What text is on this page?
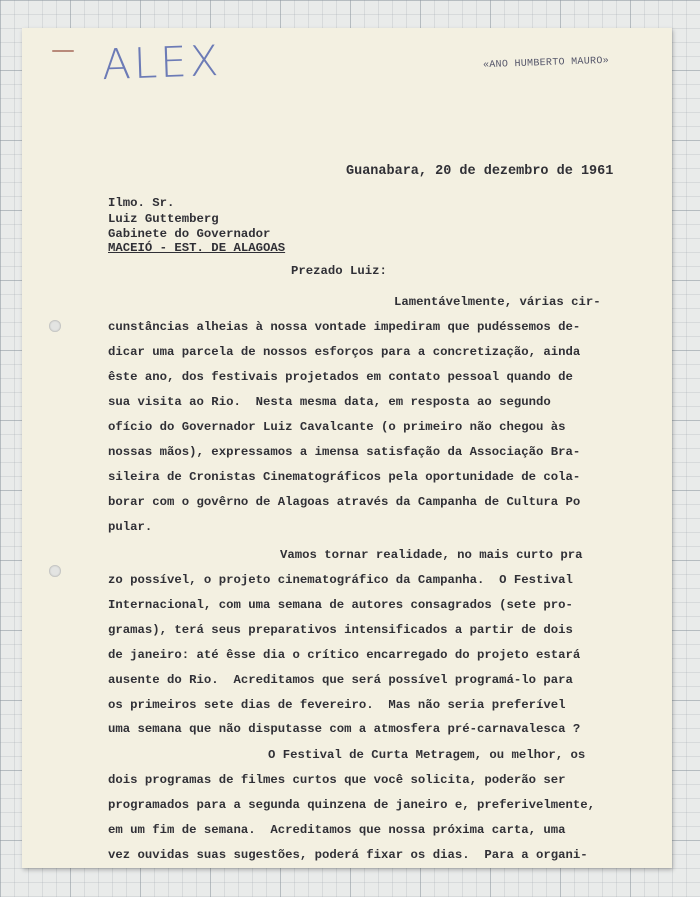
ALEX	«ANO HUMBERTO MAURO»
Guanabara, 20 de dezembro de 1961
Ilmo. Sr.
Luiz Guttemberg
Gabinete do Governador
MACEIÓ - EST. DE ALAGOAS
Prezado Luiz:
Lamentávelmente, várias cir-
cunstâncias alheias à nossa vontade impediram que pudéssemos de-
dicar uma parcela de nossos esforços para a concretização, ainda
êste ano, dos festivais projetados em contato pessoal quando de
sua visita ao Rio.  Nesta mesma data, em resposta ao segundo
ofício do Governador Luiz Cavalcante (o primeiro não chegou às
nossas mãos), expressamos a imensa satisfação da Associação Bra-
sileira de Cronistas Cinematográficos pela oportunidade de cola-
borar com o govêrno de Alagoas através da Campanha de Cultura Po
pular.
Vamos tornar realidade, no mais curto pra
zo possível, o projeto cinematográfico da Campanha.  O Festival
Internacional, com uma semana de autores consagrados (sete pro-
gramas), terá seus preparativos intensificados a partir de dois
de janeiro: até êsse dia o crítico encarregado do projeto estará
ausente do Rio.  Acreditamos que será possível programá-lo para
os primeiros sete dias de fevereiro.  Mas não seria preferível
uma semana que não disputasse com a atmosfera pré-carnavalesca ?
O Festival de Curta Metragem, ou melhor, os
dois programas de filmes curtos que você solicita, poderão ser
programados para a segunda quinzena de janeiro e, preferivelmente,
em um fim de semana.  Acreditamos que nossa próxima carta, uma
vez ouvidas suas sugestões, poderá fixar os dias.  Para a organi-
